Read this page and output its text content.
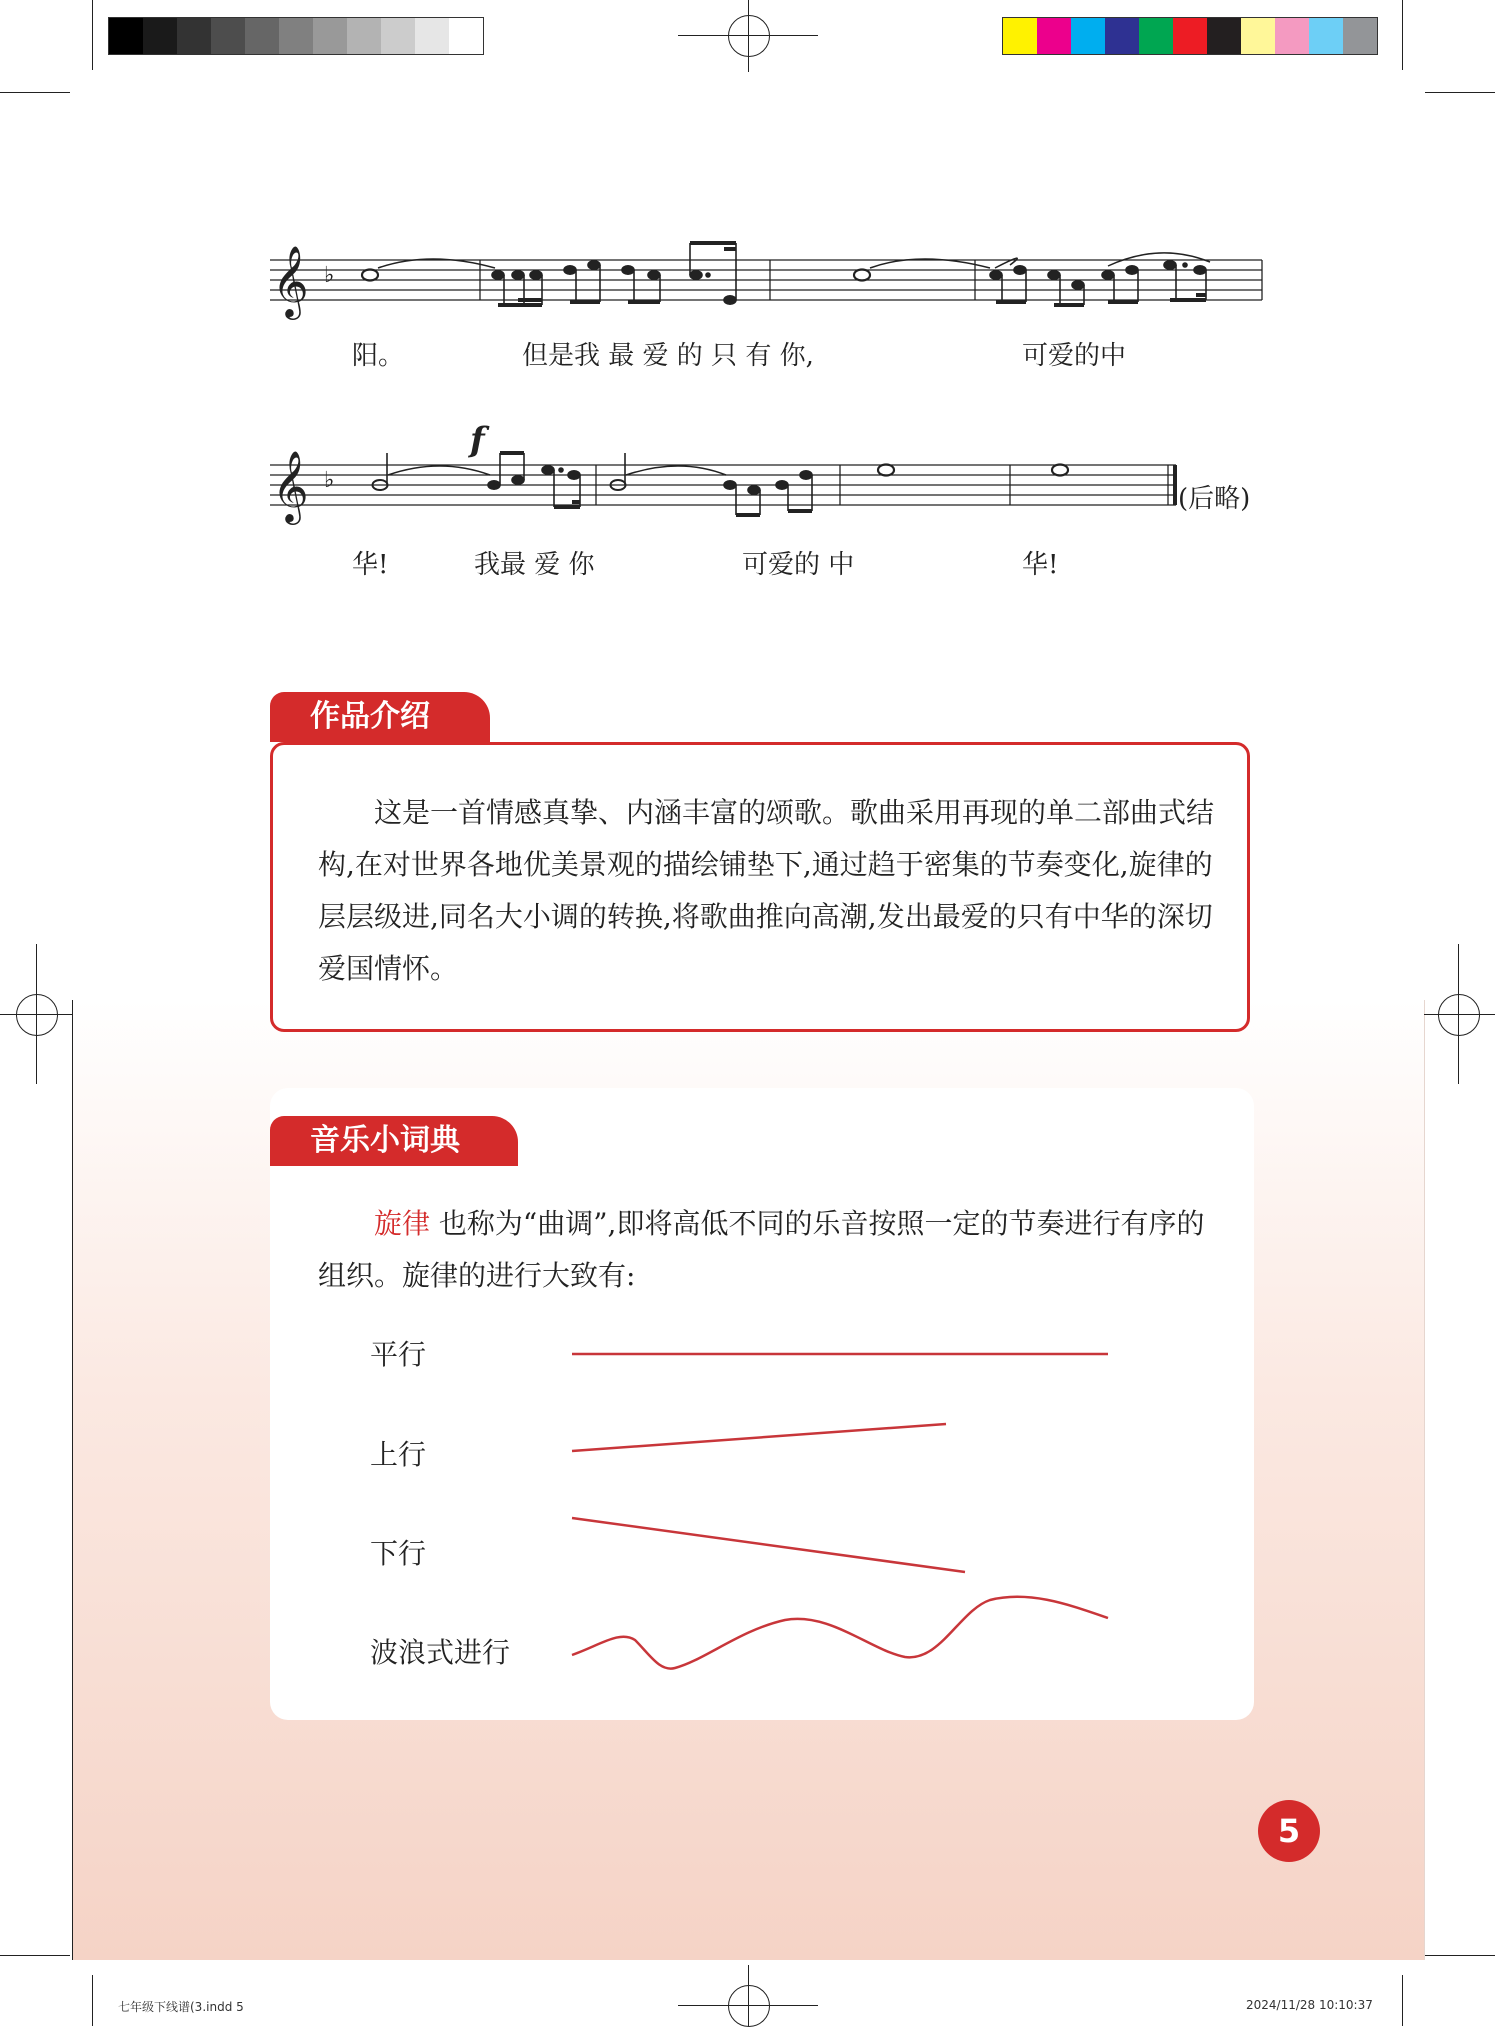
𝄞 ♭
阳。	但是我 最 爱 的 只 有 你,	可爱的中
f
𝄞 ♭
(后略)
华!	我最 爱 你	可爱的 中	华!
作品介绍
这是一首情感真挚、内涵丰富的颂歌。歌曲采用再现的单二部曲式结构,在对世界各地优美景观的描绘铺垫下,通过趋于密集的节奏变化,旋律的层层级进,同名大小调的转换,将歌曲推向高潮,发出最爱的只有中华的深切爱国情怀。
音乐小词典
旋律 也称为“曲调”,即将高低不同的乐音按照一定的节奏进行有序的组织。旋律的进行大致有:
平行
上行
下行
波浪式进行
5
七年级下线谱(3.indd 5	2024/11/28 10:10:37
